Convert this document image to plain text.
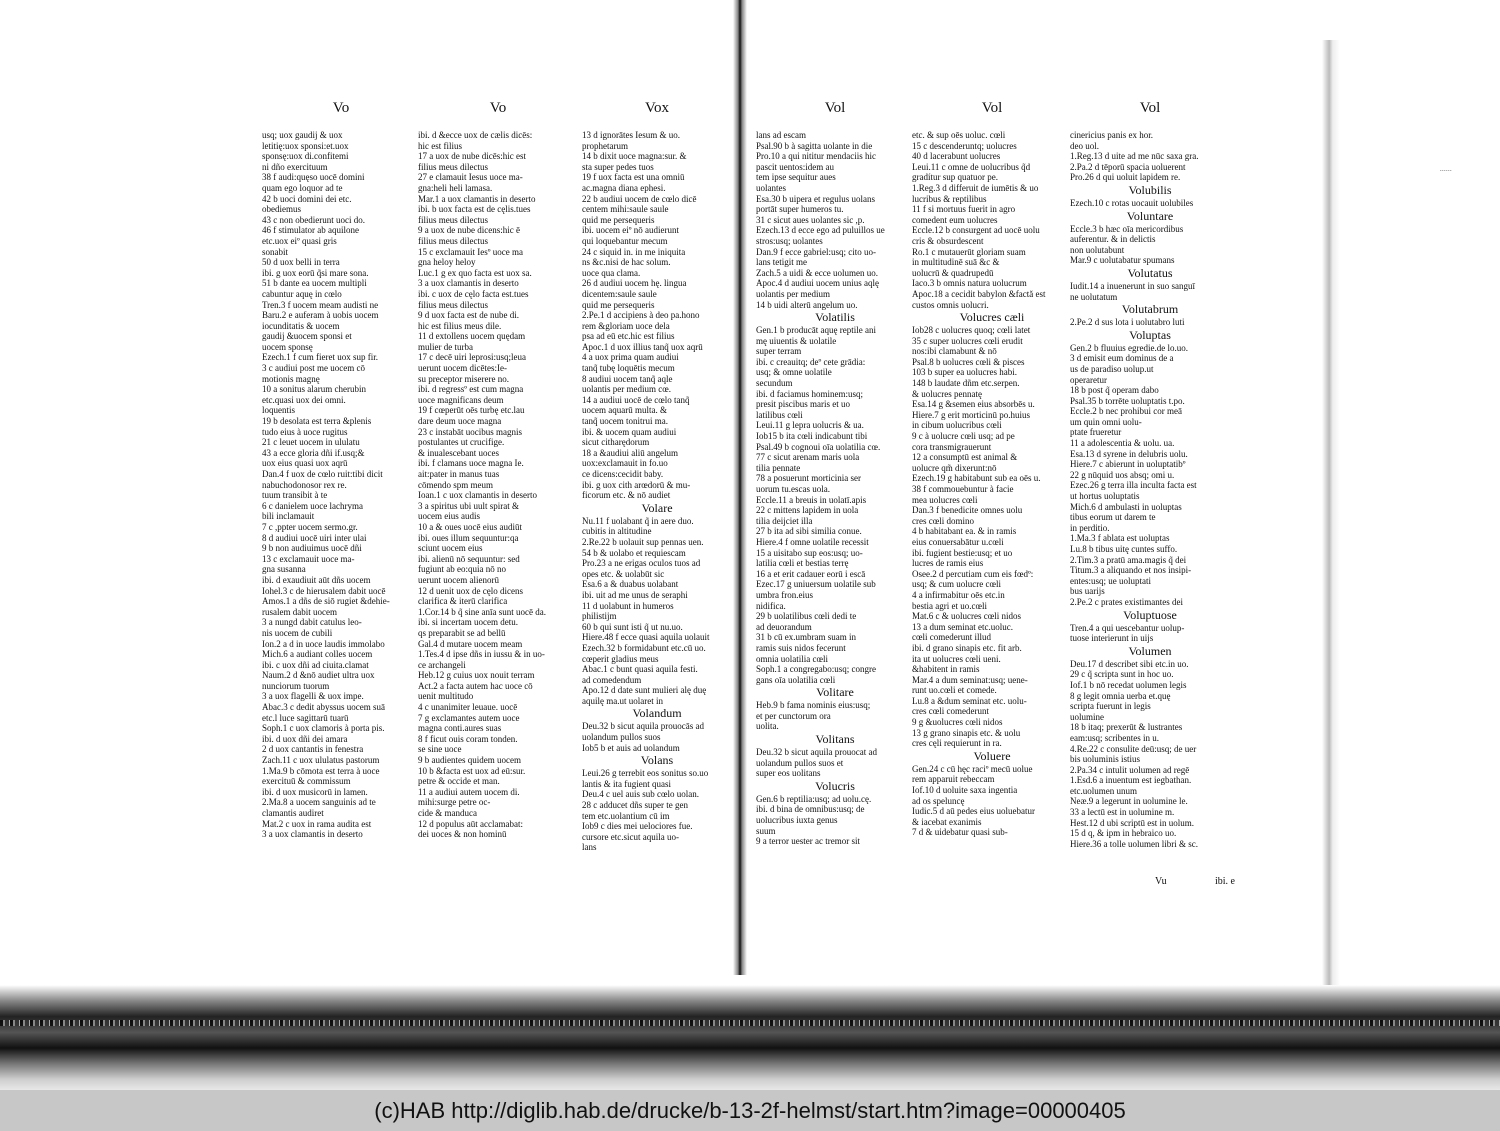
Vo
usq; uox gaudij & uox
letitię:uox sponsi:et.uox
sponsę:uox di.confitemi
ni dño exercituum
38 f audi:quęso uocē domini
quam ego loquor ad te
42 b uoci domini dei etc.
obediemus
43 c non obedierunt uoci do.
46 f stimulator ab aquilone
etc.uox eiº quasi gris
sonabit
50 d uox belli in terra
ibi. g uox eorū q̃si mare sona.
51 b dante ea uocem multipli
cabuntur aquę in cœlo
Tren.3 f uocem meam audisti ne
Baru.2 e auferam à uobis uocem
iocunditatis & uocem
gaudij &uocem sponsi et
uocem sponsę
Ezech.1 f cum fieret uox sup fir.
3 c audiui post me uocem cō
motionis magnę
10 a sonitus alarum cherubin
etc.quasi uox dei omni.
loquentis
19 b desolata est terra &plenis
tudo eius à uoce rugitus
21 c leuet uocem in ululatu
43 a ecce gloria dñi if.usq;&
uox eius quasi uox aqrū
Dan.4 f uox de cœlo ruit:tibi dicit
nabuchodonosor rex re.
tuum transibit à te
6 c danielem uoce lachryma
bili inclamauit
7 c ,ppter uocem sermo.gr.
8 d audiui uocē uiri inter ulai
9 b non audiuimus uocē dñi
13 c exclamauit uoce ma-
gna susanna
ibi. d exaudiuit aūt dñs uocem
Iohel.3 c de hierusalem dabit uocē
Amos.1 a dñs de siō rugiet &dehie-
rusalem dabit uocem
3 a nungd dabit catulus leo-
nis uocem de cubili
Ion.2 a d in uoce laudis immolabo
Mich.6 a audiant colles uocem
ibi. c uox dñi ad ciuita.clamat
Naum.2 d &nō audiet ultra uox
nunciorum tuorum
3 a uox flagelli & uox impe.
Abac.3 c dedit abyssus uocem suā
etc.l luce sagittarū tuarū
Soph.1 c uox clamoris à porta pis.
ibi. d uox dñi dei amara
2 d uox cantantis in fenestra
Zach.11 c uox ululatus pastorum
1.Ma.9 b cōmota est terra à uoce
exercituū & commissum
ibi. d uox musicorū in lamen.
2.Ma.8 a uocem sanguinis ad te
clamantis audiret
Mat.2 c uox in rama audita est
3 a uox clamantis in deserto
Vo
ibi. d &ecce uox de cælis dicēs:
hic est filius
17 a uox de nube dicēs:hic est
filius meus dilectus
27 e clamauit Iesus uoce ma-
gna:heli heli lamasa.
Mar.1 a uox clamantis in deserto
ibi. b uox facta est de cęlis.tues
filius meus dilectus
9 a uox de nube dicens:hic ē
filius meus dilectus
15 c exclamauit Iesº uoce ma
gna heloy heloy
Luc.1 g ex quo facta est uox sa.
3 a uox clamantis in deserto
ibi. c uox de cęlo facta est.tues
filius meus dilectus
9 d uox facta est de nube di.
hic est filius meus dile.
11 d extollens uocem quędam
mulier de turba
17 c decē uiri leprosi:usq;leua
uerunt uocem dicētes:Ie-
su preceptor miserere no.
ibi. d regressº est cum magna
uoce magnificans deum
19 f cœperūt oēs turbę etc.lau
dare deum uoce magna
23 c instabāt uocibus magnis
postulantes ut crucifige.
& inualescebant uoces
ibi. f clamans uoce magna Ie.
ait:pater in manus tuas
cōmendo spm meum
Ioan.1 c uox clamantis in deserto
3 a spiritus ubi uult spirat &
uocem eius audis
10 a & oues uocē eius audiūt
ibi. oues illum sequuntur:qa
sciunt uocem eius
ibi. alienū nō sequuntur: sed
fugiunt ab eo:quia nō no
uerunt uocem alienorū
12 d uenit uox de cęlo dicens
clarifica & iterū clarifica
1.Cor.14 b q̃ sine anīa sunt uocē da.
ibi. si incertam uocem detu.
qs preparabit se ad bellū
Gal.4 d mutare uocem meam
1.Tes.4 d ipse dñs in iussu & in uo-
ce archangeli
Heb.12 g cuius uox nouit terram
Act.2 a facta autem hac uoce cō
uenit multitudo
4 c unanimiter leuaue. uocē
7 g exclamantes autem uoce
magna conti.aures suas
8 f ficut ouis coram tonden.
se sine uoce
9 b audientes quidem uocem
10 b &facta est uox ad eū:sur.
petre & occide et man.
11 a audiui autem uocem di.
mihi:surge petre oc-
cide & manduca
12 d populus aūt acclamabat:
dei uoces & non hominū
Vox
13 d ignorātes Iesum & uo.
prophetarum
14 b dixit uoce magna:sur. &
sta super pedes tuos
19 f uox facta est una omniū
ac.magna diana ephesi.
22 b audiui uocem de cœlo dicē
centem mihi:saule saule
quid me persequeris
ibi. uocem eiº nō audierunt
qui loquebantur mecum
24 c siquid in. in me iniquita
ns &c.nisi de hac solum.
uoce qua clama.
26 d audiui uocem hę. lingua
dicentem:saule saule
quid me persequeris
2.Pe.1 d accipiens à deo pa.hono
rem &gloriam uoce dela
psa ad eū etc.hic est filius
Apoc.1 d uox illius tanq̃ uox aqrū
4 a uox prima quam audiui
tanq̃ tubę loquētis mecum
8 audiui uocem tanq̃ aqle
uolantis per medium cœ.
14 a audiui uocē de cœlo tanq̃
uocem aquarū multa. &
tanq̃ uocem tonitrui ma.
ibi. & uocem quam audiui
sicut citharędorum
18 a &audiui aliū angelum
uox:exclamauit in fo.uo
ce dicens:cecidit baby.
ibi. g uox cith arœdorū & mu-
ficorum etc. & nō audiet
Volare
Nu.11 f uolabant q̃ in aere duo.
cubitis in altitudine
2.Re.22 b uolauit sup pennas uen.
54 b & uolabo et requiescam
Pro.23 a ne erigas oculos tuos ad
opes etc. & uolabūt sic
Esa.6 a & duabus uolabant
ibi. uit ad me unus de seraphi
11 d uolabunt in humeros
philistijm
60 b qui sunt isti q̃ ut nu.uo.
Hiere.48 f ecce quasi aquila uolauit
Ezech.32 b formidabunt etc.cū uo.
cœperit gladius meus
Abac.1 c bunt quasi aquila festi.
ad comedendum
Apo.12 d date sunt mulieri alę duę
aquilę ma.ut uolaret in
Volandum
Deu.32 b sicut aquila prouocās ad
uolandum pullos suos
Iob5 b et auis ad uolandum
Volans
Leui.26 g terrebit eos sonitus so.uo
lantis & ita fugient quasi
Deu.4 c uel auis sub cœlo uolan.
28 c adducet dñs super te gen
tem etc.uolantium cū im
Iob9 c dies mei uelociores fue.
cursore etc.sicut aquila uo-
lans
Vol
lans ad escam
Psal.90 b à sagitta uolante in die
Pro.10 a qui nititur mendaciis hic
pascit uentos:idem au
tem ipse sequitur aues
uolantes
Esa.30 b uipera et regulus uolans
portāt super humeros tu.
31 c sicut aues uolantes sic ,p.
Ezech.13 d ecce ego ad puluillos ue
stros:usq; uolantes
Dan.9 f ecce gabriel:usq; cito uo-
lans tetigit me
Zach.5 a uidi & ecce uolumen uo.
Apoc.4 d audiui uocem unius aqlę
uolantis per medium
14 b uidi alterū angelum uo.
Volatilis
Gen.1 b producāt aquę reptile ani
mę uiuentis & uolatile
super terram
ibi. c creauitq; deº cete grādia:
usq; & omne uolatile
secundum
ibi. d faciamus hominem:usq;
presit piscibus maris et uo
latilibus cœli
Leui.11 g lepra uolucris & ua.
Iob15 b ita cœli indicabunt tibi
Psal.49 b cognoui oīa uolatilia cœ.
77 c sicut arenam maris uola
tilia pennate
78 a posuerunt morticinia ser
uorum tu.escas uola.
Eccle.11 a breuis in uolatī.apis
22 c mittens lapidem in uola
tilia deijciet illa
27 b ita ad sibi similia conue.
Hiere.4 f omne uolatile recessit
15 a uisitabo sup eos:usq; uo-
latilia cœli et bestias terrę
16 a et erit cadauer eorū i escā
Ezec.17 g uniuersum uolatile sub
umbra fron.eius
nidifica.
29 b uolatilibus cœli dedi te
ad deuorandum
31 b cū ex.umbram suam in
ramis suis nidos fecerunt
omnia uolatilia cœli
Soph.1 a congregabo:usq; congre
gans oīa uolatilia cœli
Volitare
Heb.9 b fama nominis eius:usq;
et per cunctorum ora
uolita.
Volitans
Deu.32 b sicut aquila prouocat ad
uolandum pullos suos et
super eos uolitans
Volucris
Gen.6 b reptilia:usq; ad uolu.cę.
ibi. d bina de omnibus:usq; de
uolucribus iuxta genus
suum
9 a terror uester ac tremor sit
Vol
etc. & sup oēs uoluc. cœli
15 c descenderuntq; uolucres
40 d lacerabunt uolucres
Leui.11 c omne de uolucribus q̃d
gradítur sup quatuor pe.
1.Reg.3 d differuit de iumētis & uo
lucribus & reptilibus
11 f si mortuus fuerit in agro
comedent eum uolucres
Eccle.12 b consurgent ad uocē uolu
cris & obsurdescent
Ro.1 c mutauerūt gloriam suam
in multitudinē suā &c &
uolucrū & quadrupedū
Iaco.3 b omnis natura uolucrum
Apoc.18 a cecidit babylon &factă est
custos omnis uolucri.
Volucres cæli
Iob28 c uolucres quoq; cœli latet
35 c super uolucres cœli erudit
nos:ibi clamabunt & nō
Psal.8 b uolucres cœli & pisces
103 b super ea uolucres habi.
148 b laudate dñm etc.serpen.
& uolucres pennatę
Esa.14 g &semen eius absorbēs u.
Hiere.7 g erit morticinū po.huius
in cibum uolucribus cœli
9 c à uolucre cœli usq; ad pe
cora transmigrauerunt
12 a consumptū est animal &
uolucre qm̃ dixerunt:nō
Ezech.19 g habitabunt sub ea oēs u.
38 f commouebuntur à facie
mea uolucres cœli
Dan.3 f benedicite omnes uolu
cres cœli domino
4 b habitabant ea. & in ramis
eius conuersabātur u.cœli
ibi. fugient bestie:usq; et uo
lucres de ramis eius
Osee.2 d percutiam cum eis fœdº:
usq; & cum uolucre cœli
4 a infirmabitur oēs etc.in
bestia agri et uo.cœli
Mat.6 c & uolucres cœli nidos
13 a dum seminat etc.uoluc.
cœli comederunt illud
ibi. d grano sinapis etc. fit arb.
ita ut uolucres cœli ueni.
&habitent in ramis
Mar.4 a dum seminat:usq; uene-
runt uo.cœli et comede.
Lu.8 a &dum seminat etc. uolu-
cres cœli comederunt
9 g &uolucres cœli nidos
13 g grano sinapis etc. & uolu
cres cęli requierunt in ra.
Voluere
Gen.24 c cū hęc raciº mecū uolue
rem apparuit rebeccam
Iof.10 d uoluite saxa ingentia
ad os speluncę
Iudic.5 d aū pedes eius uoluebatur
& iacebat exanimis
7 d & uidebatur quasi sub-
Vol
cinericius panis ex hor.
deo uol.
1.Reg.13 d uite ad me nūc saxa gra.
2.Pa.2 d tēporū spacia uoluerent
Pro.26 d qui uoluit lapidem re.
Volubilis
Ezech.10 c rotas uocauit uolubiles
Voluntare
Eccle.3 b hæc oīa mericordibus
auferentur. & in delictis
non uolutabunt
Mar.9 c uolutabatur spumans
Volutatus
Iudit.14 a inuenerunt in suo sanguī
ne uolutatum
Volutabrum
2.Pe.2 d sus lota i uolutabro luti
Voluptas
Gen.2 b fluuius egredie.de lo.uo.
3 d emisit eum dominus de a
us de paradiso uolup.ut
operaretur
18 b post q̃ operam dabo
Psal.35 b torrēte uoluptatis t.po.
Eccle.2 b nec prohibui cor meā
um quin omni uolu-
ptate frueretur
11 a adolescentia & uolu. ua.
Esa.13 d syrene in delubris uolu.
Hiere.7 c abierunt in uoluptatibº
22 g nūquid uos absq; omi u.
Ezec.26 g terra illa inculta facta est
ut hortus uoluptatis
Mich.6 d ambulasti in uoluptas
tibus eorum ut darem te
in perditio.
1.Ma.3 f ablata est uoluptas
Lu.8 b tibus uitę cuntes suffo.
2.Tim.3 a pratū ama.magis q̃ dei
Titum.3 a aliquando et nos insipi-
entes:usq; ue uoluptati
bus uarijs
2.Pe.2 c prates existimantes dei
Voluptuose
Tren.4 a qui uescebantur uolup-
tuose interierunt in uijs
Volumen
Deu.17 d describet sibi etc.in uo.
29 c q̃ scripta sunt in hoc uo.
Iof.1 b nō recedat uolumen legis
8 g legit omnia uerba et.quę
scripta fuerunt in legis
uolumine
18 b itaq; prexerūt & lustrantes
eam:usq; scribentes in u.
4.Re.22 c consulite deū:usq; de uer
bis uoluminis istius
2.Pa.34 c intulit uolumen ad regē
1.Esd.6 a inuentum est iegbathan.
etc.uolumen unum
Neæ.9 a legerunt in uolumine le.
33 a lectū est in uolumine m.
Hest.12 d ubi scriptū est in uolum.
15 d q, & ipm in hebraico uo.
Hiere.36 a tolle uolumen libri & sc.
Vu	ibi. e
......
(c)HAB http://diglib.hab.de/drucke/b-13-2f-helmst/start.htm?image=00000405
